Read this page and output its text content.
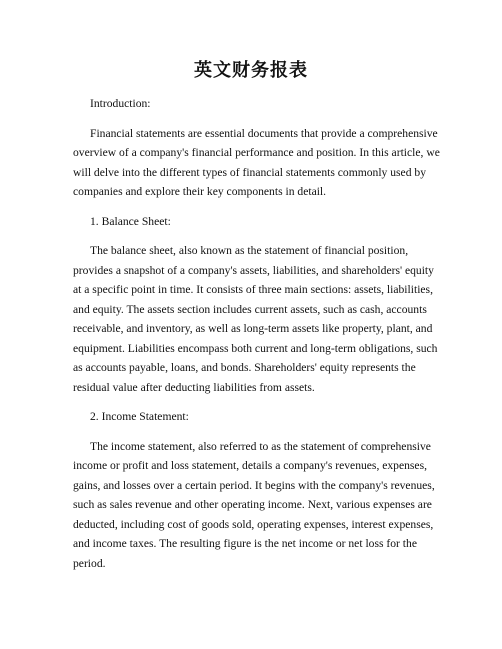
英文财务报表

Introduction:

Financial statements are essential documents that provide a comprehensive overview of a company's financial performance and position. In this article, we will delve into the different types of financial statements commonly used by companies and explore their key components in detail.

1. Balance Sheet:

The balance sheet, also known as the statement of financial position, provides a snapshot of a company's assets, liabilities, and shareholders' equity at a specific point in time. It consists of three main sections: assets, liabilities, and equity. The assets section includes current assets, such as cash, accounts receivable, and inventory, as well as long-term assets like property, plant, and equipment. Liabilities encompass both current and long-term obligations, such as accounts payable, loans, and bonds. Shareholders' equity represents the residual value after deducting liabilities from assets.

2. Income Statement:

The income statement, also referred to as the statement of comprehensive income or profit and loss statement, details a company's revenues, expenses, gains, and losses over a certain period. It begins with the company's revenues, such as sales revenue and other operating income. Next, various expenses are deducted, including cost of goods sold, operating expenses, interest expenses, and income taxes. The resulting figure is the net income or net loss for the period.
